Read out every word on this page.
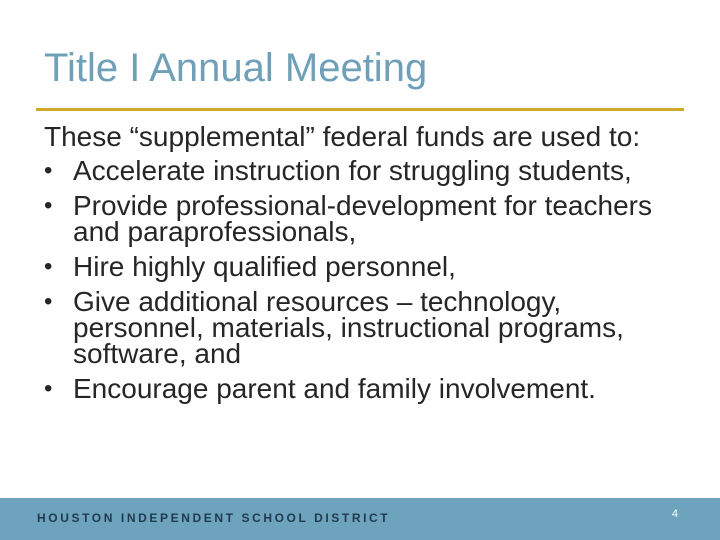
Title I Annual Meeting

These “supplemental” federal funds are used to:

• Accelerate instruction for struggling students,
• Provide professional-development for teachers and paraprofessionals,
• Hire highly qualified personnel,
• Give additional resources – technology, personnel, materials, instructional programs, software, and
• Encourage parent and family involvement.
HOUSTON INDEPENDENT SCHOOL DISTRICT	4
